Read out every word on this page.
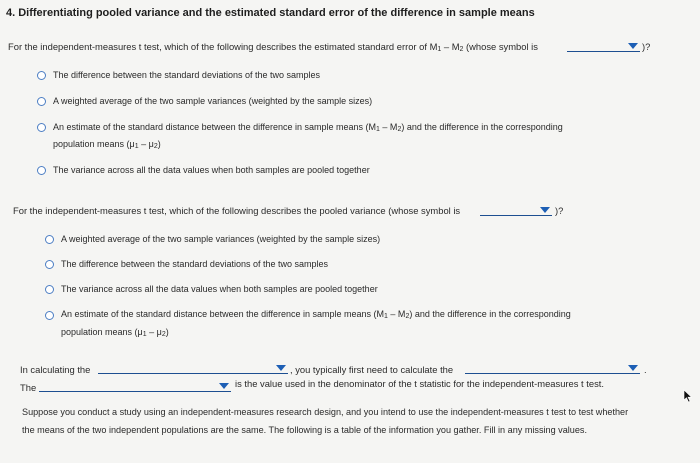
4. Differentiating pooled variance and the estimated standard error of the difference in sample means
For the independent-measures t test, which of the following describes the estimated standard error of M1 – M2 (whose symbol is	)?
The difference between the standard deviations of the two samples
A weighted average of the two sample variances (weighted by the sample sizes)
An estimate of the standard distance between the difference in sample means (M1 – M2) and the difference in the corresponding
population means (μ1 – μ2)
The variance across all the data values when both samples are pooled together
For the independent-measures t test, which of the following describes the pooled variance (whose symbol is	)?
A weighted average of the two sample variances (weighted by the sample sizes)
The difference between the standard deviations of the two samples
The variance across all the data values when both samples are pooled together
An estimate of the standard distance between the difference in sample means (M1 – M2) and the difference in the corresponding
population means (μ1 – μ2)
In calculating the	, you typically first need to calculate the	.
The	is the value used in the denominator of the t statistic for the independent-measures t test.
Suppose you conduct a study using an independent-measures research design, and you intend to use the independent-measures t test to test whether
the means of the two independent populations are the same. The following is a table of the information you gather. Fill in any missing values.
